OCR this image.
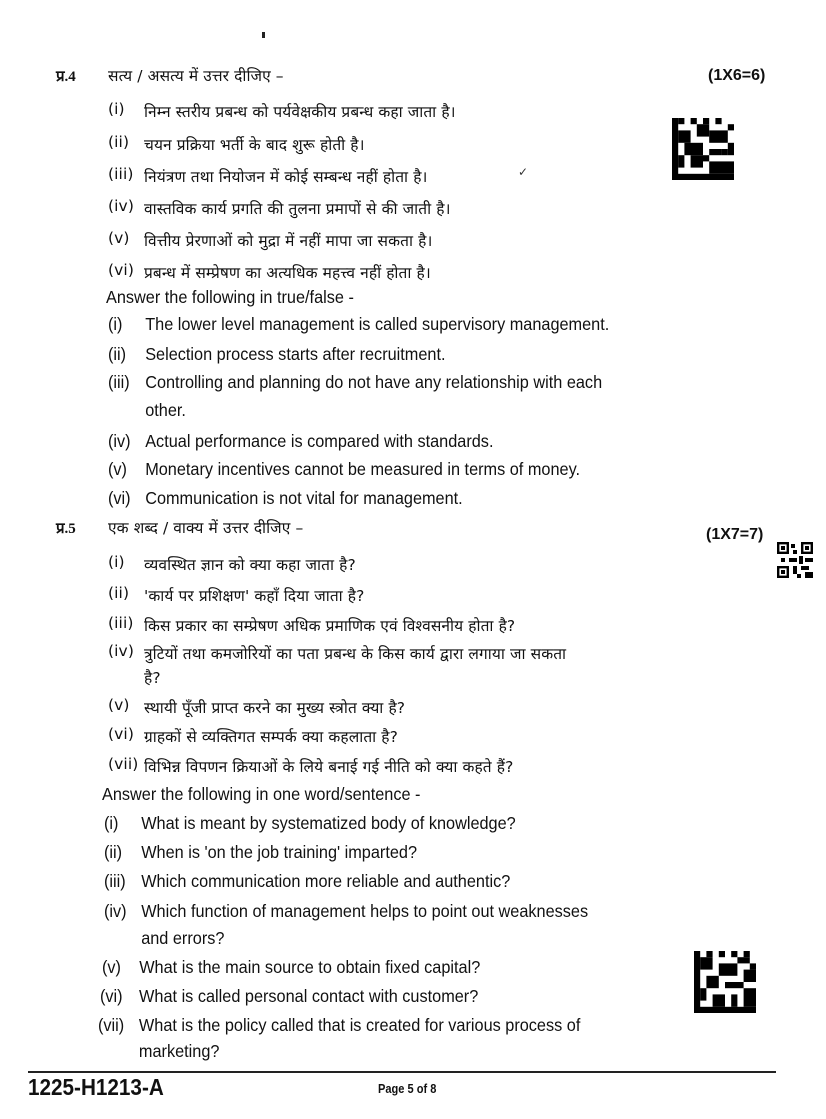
प्र.4 सत्य / असत्य में उत्तर दीजिए –	(1X6=6)
(i) निम्न स्तरीय प्रबन्ध को पर्यवेक्षकीय प्रबन्ध कहा जाता है।
(ii) चयन प्रक्रिया भर्ती के बाद शुरू होती है।
(iii) नियंत्रण तथा नियोजन में कोई सम्बन्ध नहीं होता है।	✓
(iv) वास्तविक कार्य प्रगति की तुलना प्रमापों से की जाती है।
(v) वित्तीय प्रेरणाओं को मुद्रा में नहीं मापा जा सकता है।
(vi) प्रबन्ध में सम्प्रेषण का अत्यधिक महत्त्व नहीं होता है।
Answer the following in true/false -
(i) The lower level management is called supervisory management.
(ii) Selection process starts after recruitment.
(iii) Controlling and planning do not have any relationship with each
other.
(iv) Actual performance is compared with standards.
(v) Monetary incentives cannot be measured in terms of money.
(vi) Communication is not vital for management.
प्र.5 एक शब्द / वाक्य में उत्तर दीजिए –	(1X7=7)
(i) व्यवस्थित ज्ञान को क्या कहा जाता है?
(ii) 'कार्य पर प्रशिक्षण' कहाँ दिया जाता है?
(iii) किस प्रकार का सम्प्रेषण अधिक प्रमाणिक एवं विश्वसनीय होता है?
(iv) त्रुटियों तथा कमजोरियों का पता प्रबन्ध के किस कार्य द्वारा लगाया जा सकता
है?
(v) स्थायी पूँजी प्राप्त करने का मुख्य स्त्रोत क्या है?
(vi) ग्राहकों से व्यक्तिगत सम्पर्क क्या कहलाता है?
(vii) विभिन्न विपणन क्रियाओं के लिये बनाई गई नीति को क्या कहते हैं?
Answer the following in one word/sentence -
(i) What is meant by systematized body of knowledge?
(ii) When is 'on the job training' imparted?
(iii) Which communication more reliable and authentic?
(iv) Which function of management helps to point out weaknesses
and errors?
(v) What is the main source to obtain fixed capital?
(vi) What is called personal contact with customer?
(vii) What is the policy called that is created for various process of
marketing?
1225-H1213-A	Page 5 of 8
